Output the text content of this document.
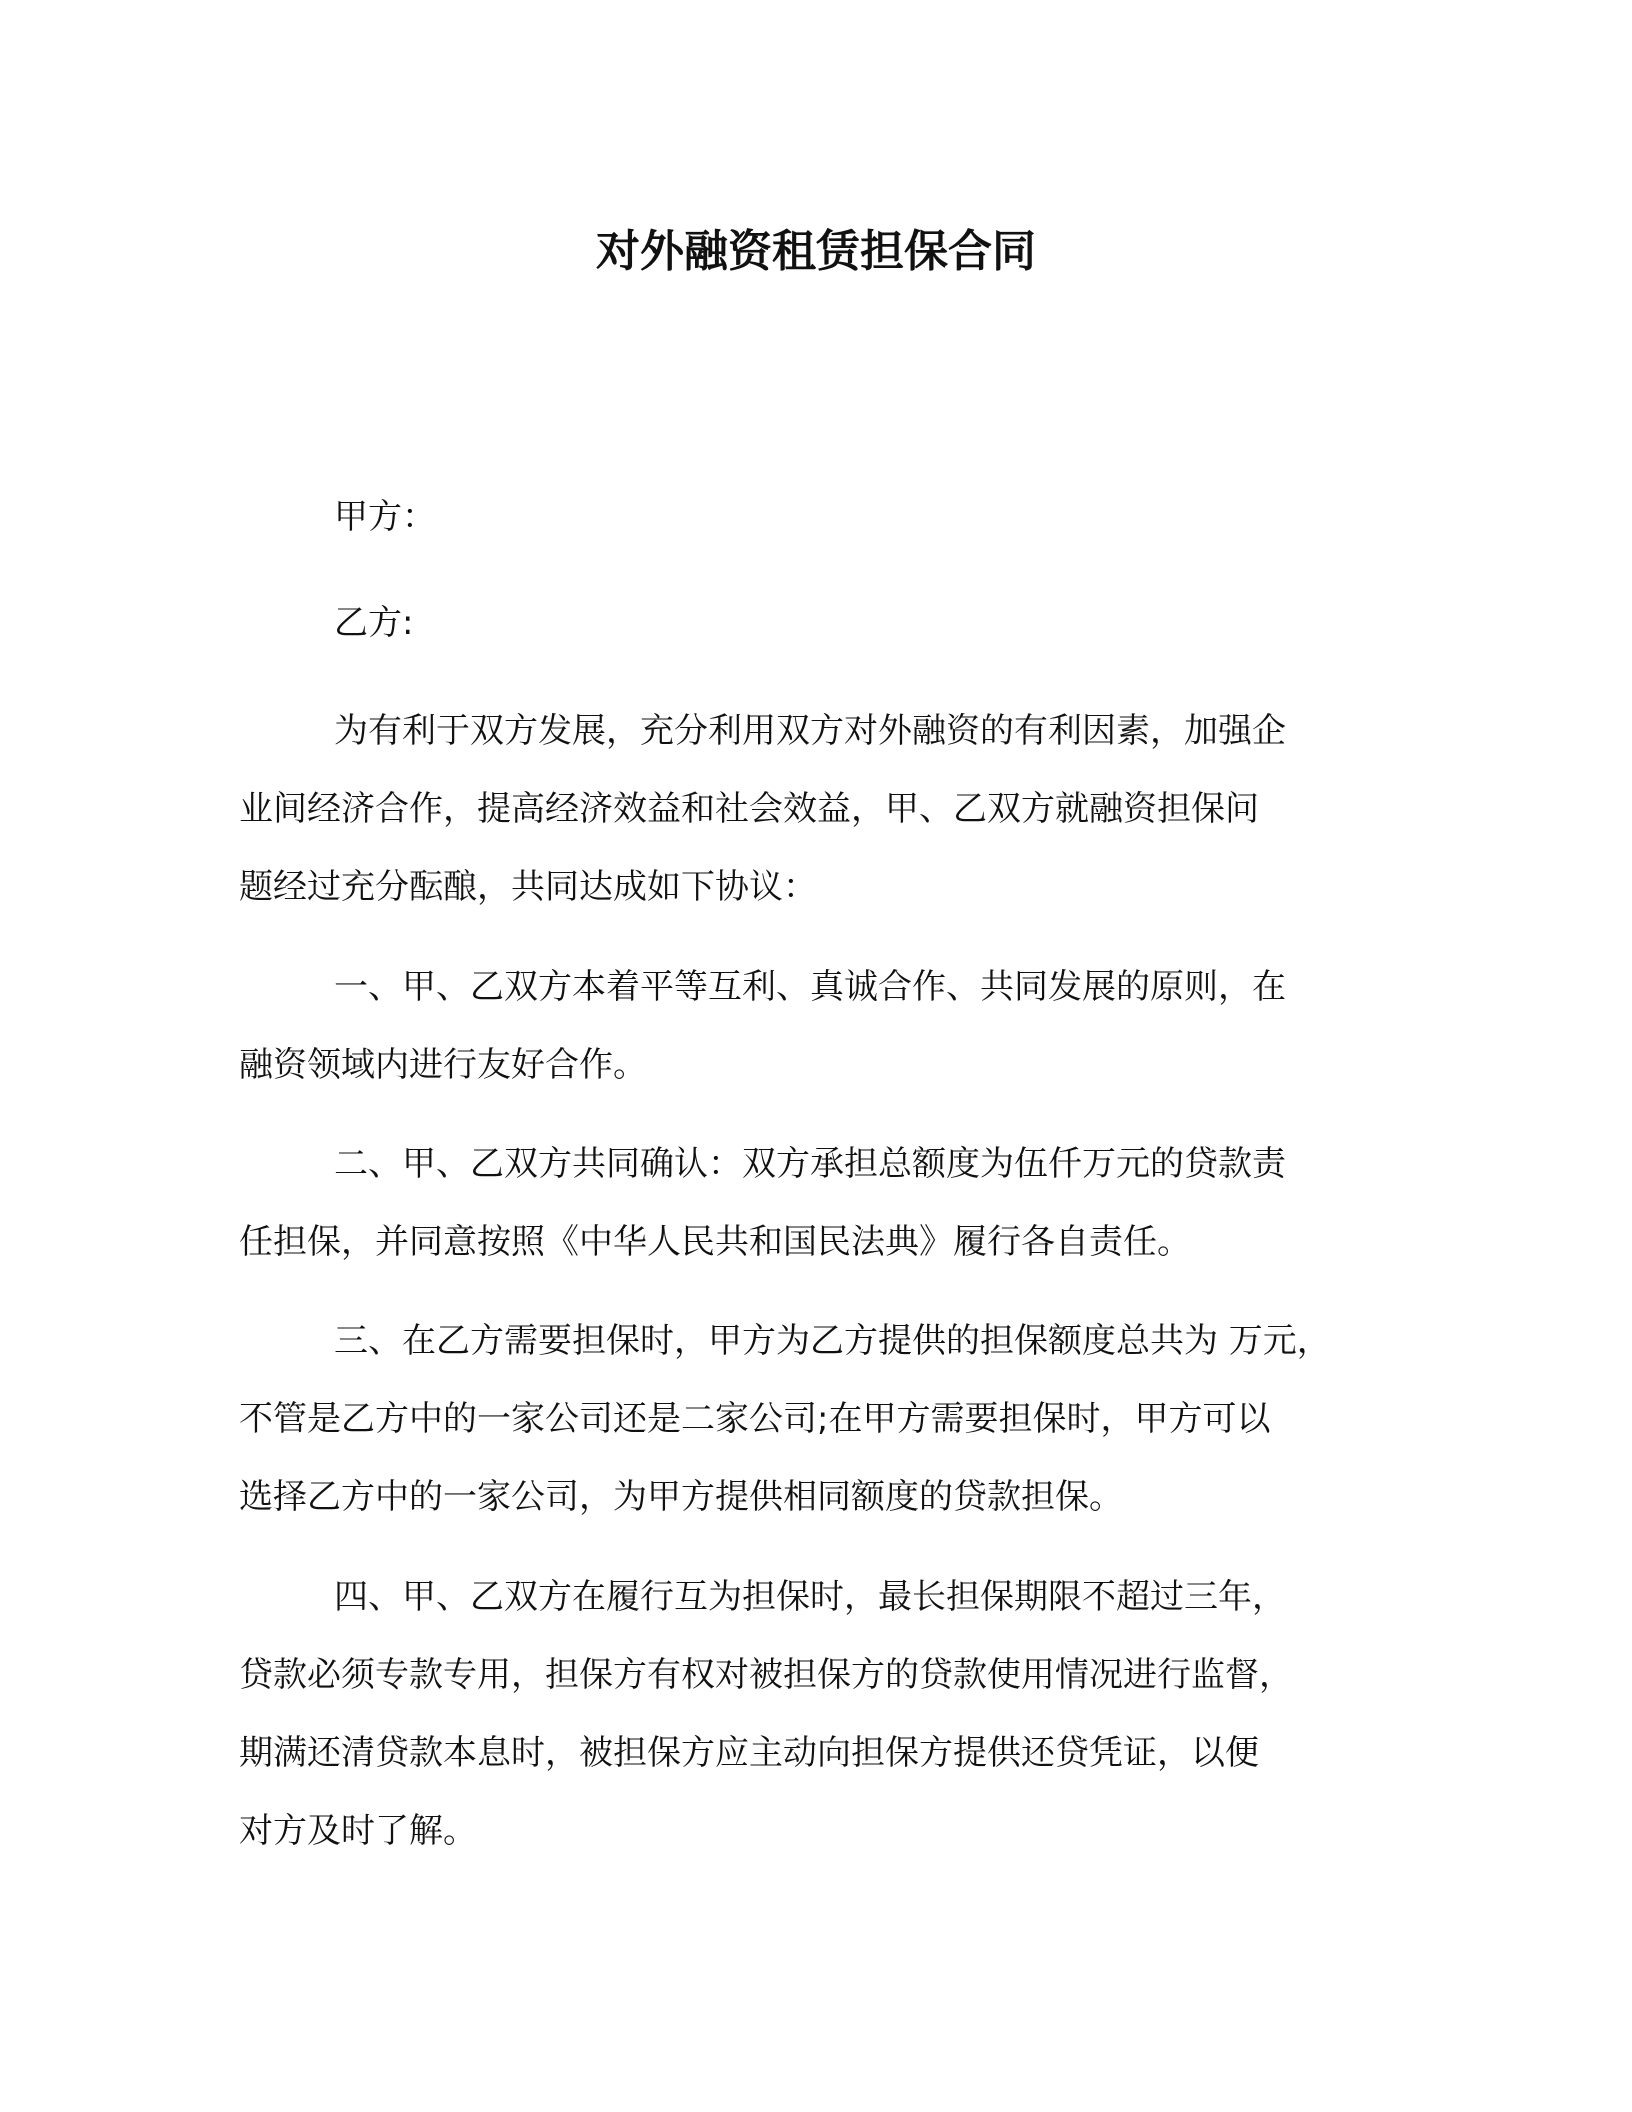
对外融资租赁担保合同

甲方：

乙方:

为有利于双方发展，充分利用双方对外融资的有利因素，加强企
业间经济合作，提高经济效益和社会效益，甲、乙双方就融资担保问
题经过充分酝酿，共同达成如下协议：
一、甲、乙双方本着平等互利、真诚合作、共同发展的原则，在
融资领域内进行友好合作。
二、甲、乙双方共同确认：双方承担总额度为伍仟万元的贷款责
任担保，并同意按照《中华人民共和国民法典》履行各自责任。
三、在乙方需要担保时，甲方为乙方提供的担保额度总共为 万元，
不管是乙方中的一家公司还是二家公司;在甲方需要担保时，甲方可以
选择乙方中的一家公司，为甲方提供相同额度的贷款担保。
四、甲、乙双方在履行互为担保时，最长担保期限不超过三年，
贷款必须专款专用，担保方有权对被担保方的贷款使用情况进行监督，
期满还清贷款本息时，被担保方应主动向担保方提供还贷凭证，以便
对方及时了解。
